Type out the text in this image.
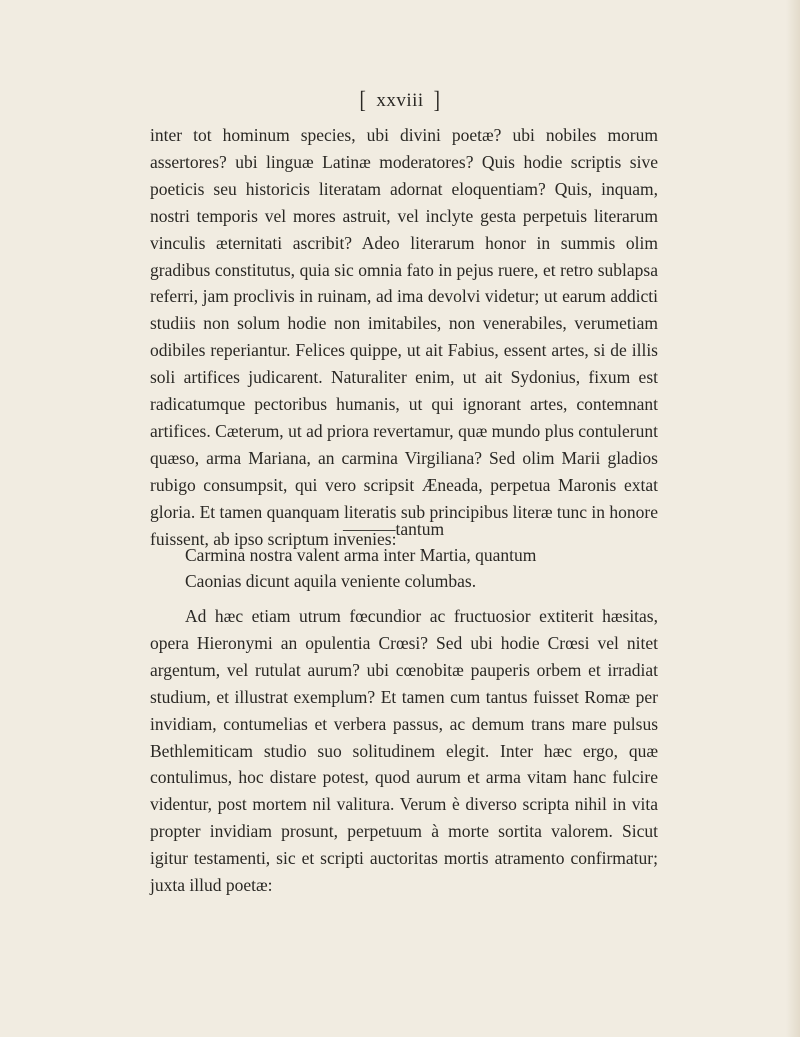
[ xxviii ]

inter tot hominum species, ubi divini poetæ? ubi nobiles morum assertores? ubi linguæ Latinæ moderatores? Quis hodie scriptis sive poeticis seu historicis literatam adornat eloquentiam? Quis, inquam, nostri temporis vel mores astruit, vel inclyte gesta perpetuis literarum vinculis æternitati ascribit? Adeo literarum honor in summis olim gradibus constitutus, quia sic omnia fato in pejus ruere, et retro sublapsa referri, jam proclivis in ruinam, ad ima devolvi videtur; ut earum addicti studiis non solum hodie non imitabiles, non venerabiles, verumetiam odibiles reperiantur. Felices quippe, ut ait Fabius, essent artes, si de illis soli artifices judicarent. Naturaliter enim, ut ait Sydonius, fixum est radicatumque pectoribus humanis, ut qui ignorant artes, contemnant artifices. Cæterum, ut ad priora revertamur, quæ mundo plus contulerunt quæso, arma Mariana, an carmina Virgiliana? Sed olim Marii gladios rubigo consumpsit, qui vero scripsit Æneada, perpetua Maronis extat gloria. Et tamen quanquam literatis sub principibus literæ tunc in honore fuissent, ab ipso scriptum invenies:

———tantum
Carmina nostra valent arma inter Martia, quantum
Caonias dicunt aquila veniente columbas.

Ad hæc etiam utrum fœcundior ac fructuosior extiterit hæsitas, opera Hieronymi an opulentia Crœsi? Sed ubi hodie Crœsi vel nitet argentum, vel rutulat aurum? ubi cœnobitæ pauperis orbem et irradiat studium, et illustrat exemplum? Et tamen cum tantus fuisset Romæ per invidiam, contumelias et verbera passus, ac demum trans mare pulsus Bethlemiticam studio suo solitudinem elegit. Inter hæc ergo, quæ contulimus, hoc distare potest, quod aurum et arma vitam hanc fulcire videntur, post mortem nil valitura. Verum è diverso scripta nihil in vita propter invidiam prosunt, perpetuum à morte sortita valorem. Sicut igitur testamenti, sic et scripti auctoritas mortis atramento confirmatur; juxta illud poetæ:
